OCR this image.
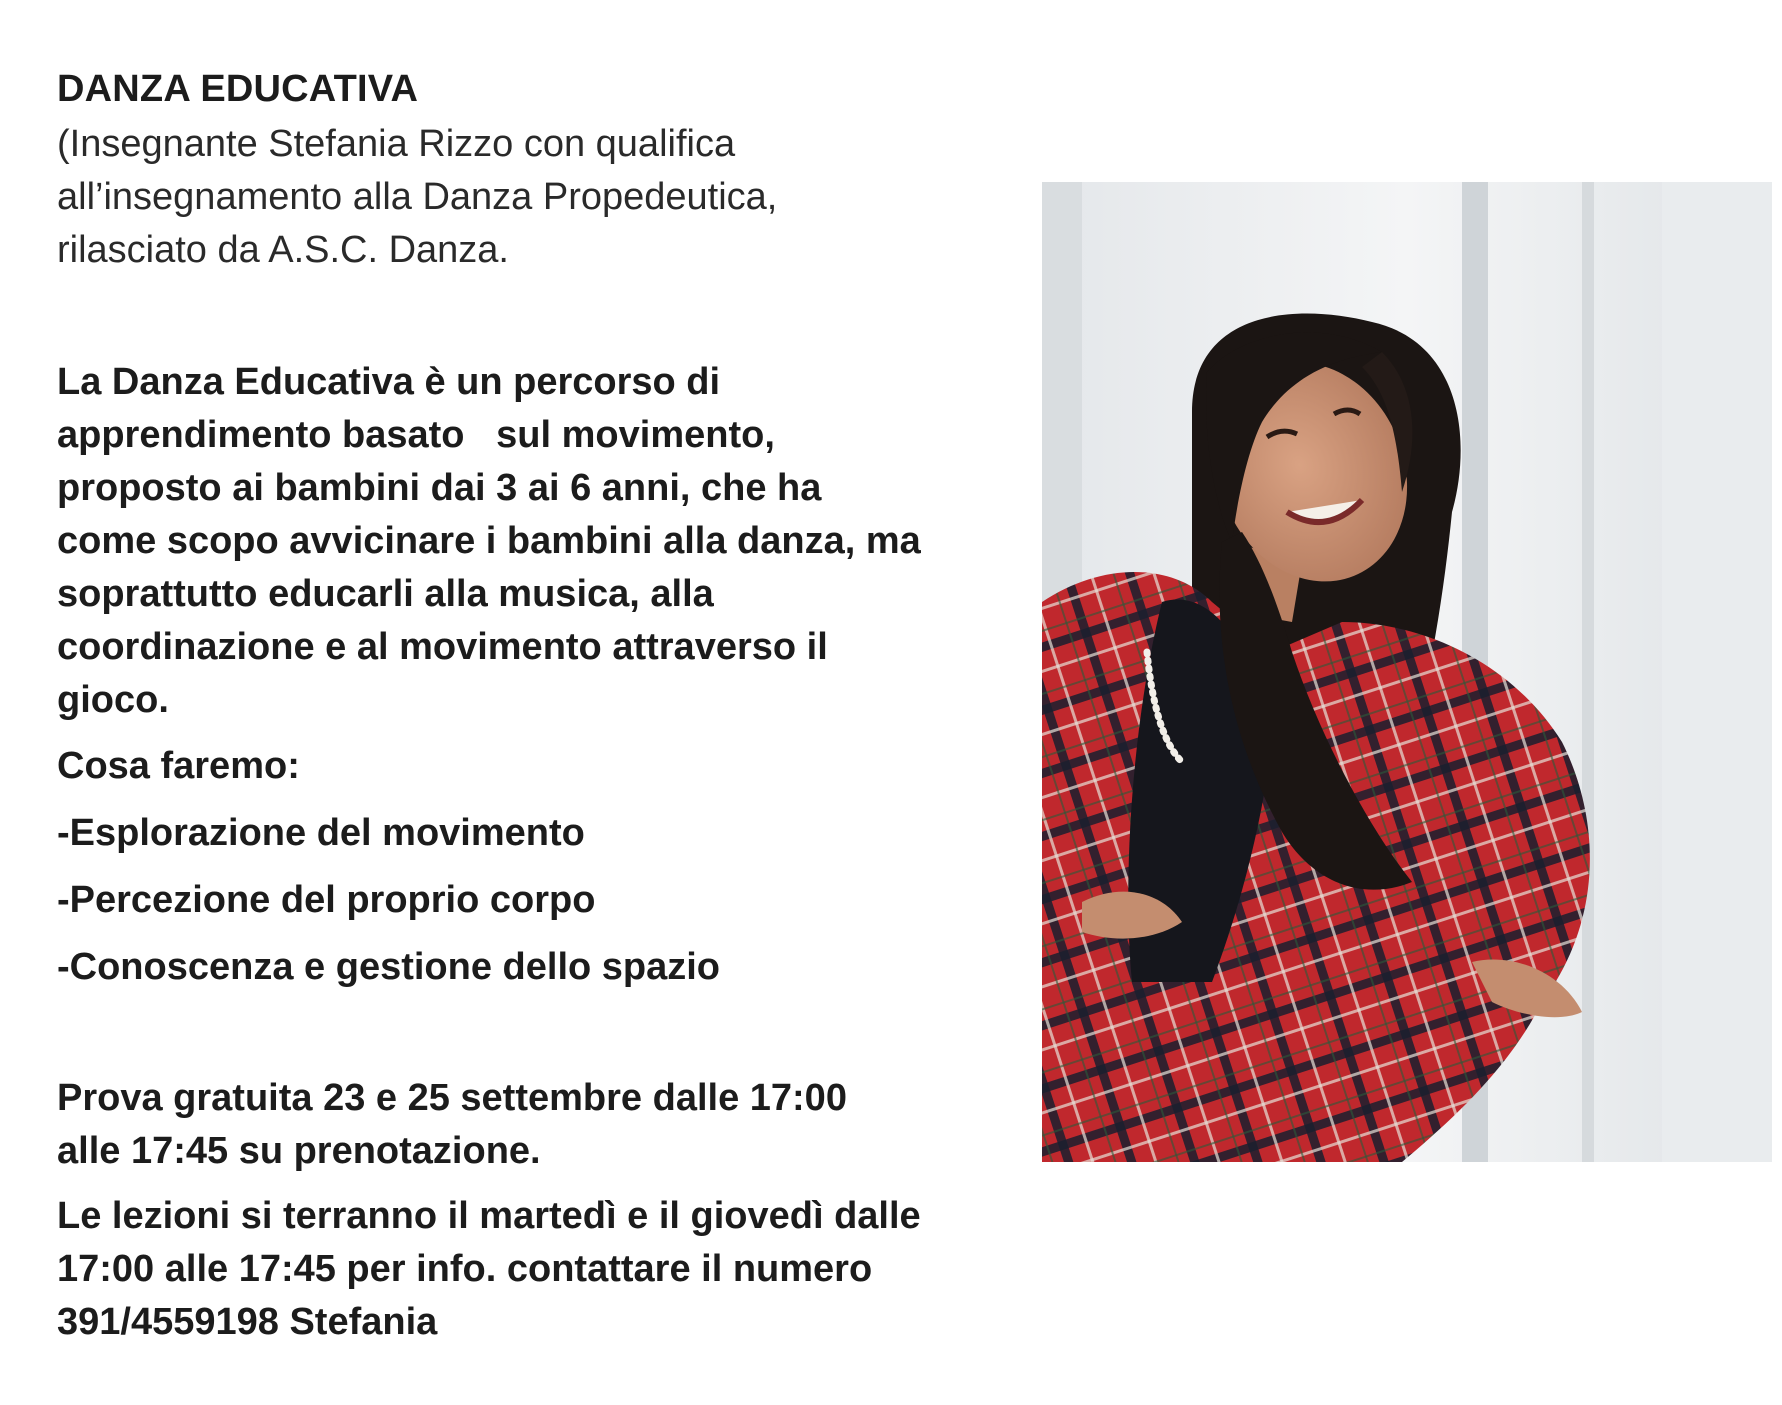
DANZA EDUCATIVA
(Insegnante Stefania Rizzo con qualifica
all’insegnamento alla Danza Propedeutica,
rilasciato da A.S.C. Danza.
La Danza Educativa è un percorso di
apprendimento basato   sul movimento,
proposto ai bambini dai 3 ai 6 anni, che ha
come scopo avvicinare i bambini alla danza, ma
soprattutto educarli alla musica, alla
coordinazione e al movimento attraverso il
gioco.
Cosa faremo:
-Esplorazione del movimento
-Percezione del proprio corpo
-Conoscenza e gestione dello spazio
Prova gratuita 23 e 25 settembre dalle 17:00
alle 17:45 su prenotazione.
Le lezioni si terranno il martedì e il giovedì dalle
17:00 alle 17:45 per info. contattare il numero
391/4559198 Stefania
